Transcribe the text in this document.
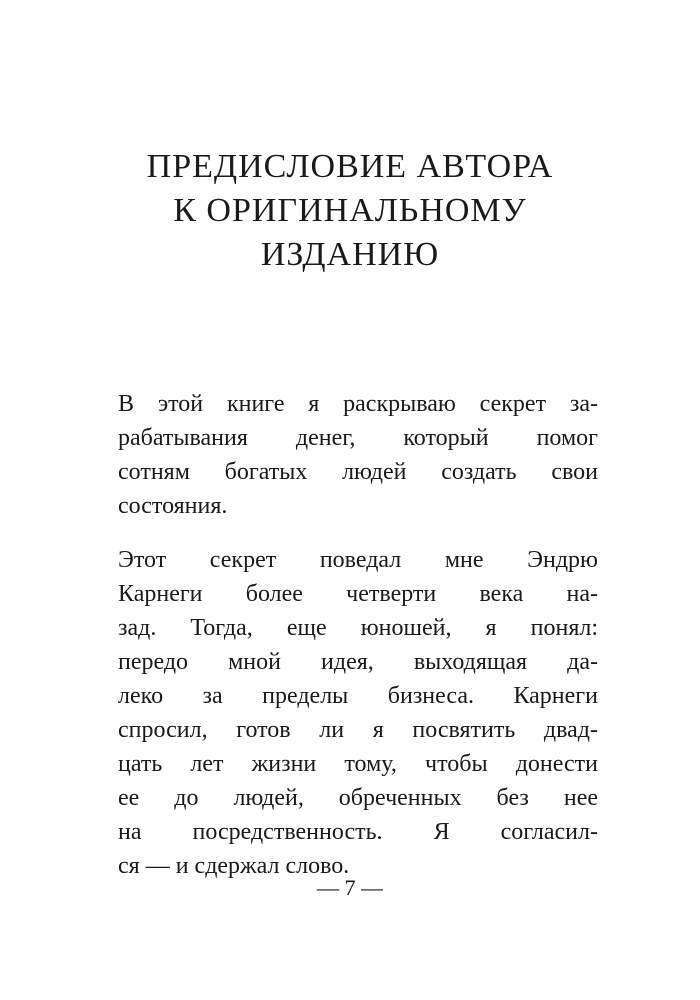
ПРЕДИСЛОВИЕ АВТОРА
К ОРИГИНАЛЬНОМУ
ИЗДАНИЮ

В этой книге я раскрываю секрет за-
рабатывания денег, который помог
сотням богатых людей создать свои
состояния.

Этот секрет поведал мне Эндрю
Карнеги более четверти века на-
зад. Тогда, еще юношей, я понял:
передо мной идея, выходящая да-
леко за пределы бизнеса. Карнеги
спросил, готов ли я посвятить двад-
цать лет жизни тому, чтобы донести
ее до людей, обреченных без нее
на посредственность. Я согласил-
ся — и сдержал слово.

— 7 —
